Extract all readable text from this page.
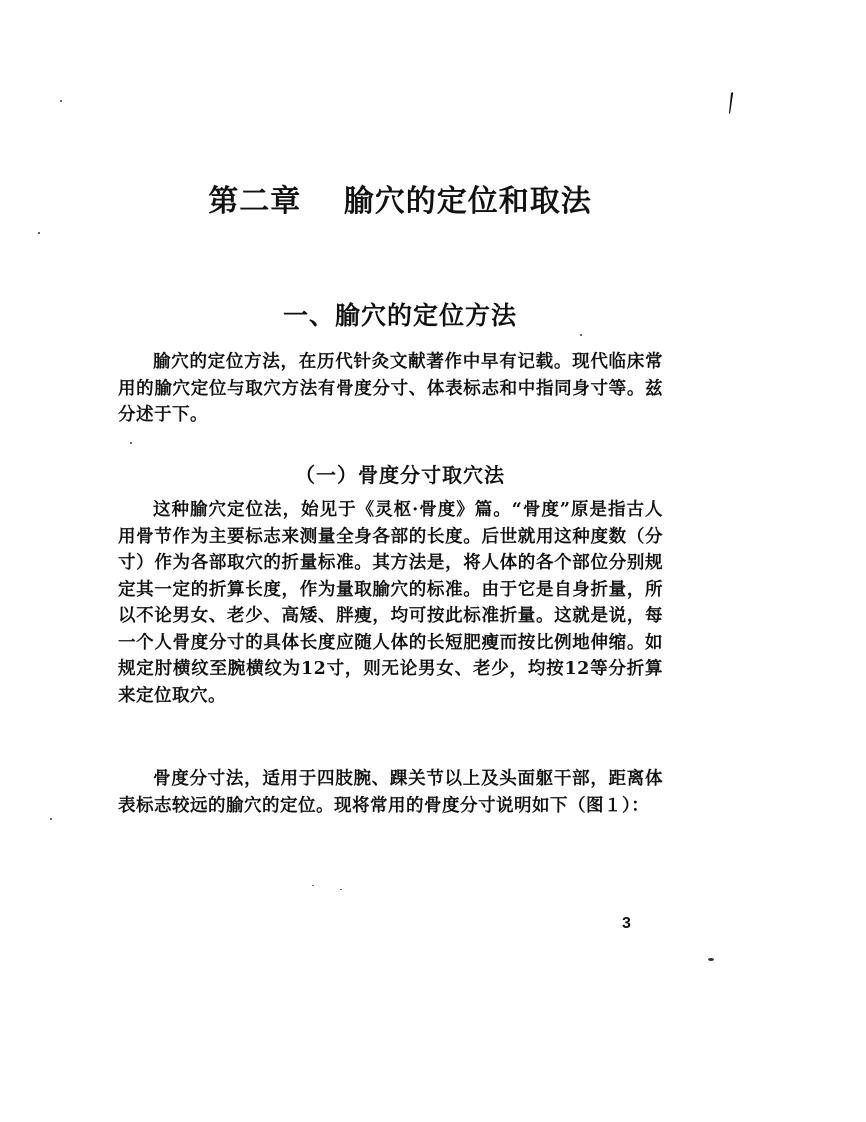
第二章　 腧穴的定位和取法
一、腧穴的定位方法

腧穴的定位方法，在历代针灸文献著作中早有记载。现代临床常用的腧穴定位与取穴方法有骨度分寸、体表标志和中指同身寸等。兹分述于下。

（一）骨度分寸取穴法

这种腧穴定位法，始见于《灵枢·骨度》篇。“骨度”原是指古人用骨节作为主要标志来测量全身各部的长度。后世就用这种度数（分寸）作为各部取穴的折量标准。其方法是，将人体的各个部位分别规定其一定的折算长度，作为量取腧穴的标准。由于它是自身折量，所以不论男女、老少、高矮、胖瘦，均可按此标准折量。这就是说，每一个人骨度分寸的具体长度应随人体的长短肥瘦而按比例地伸缩。如规定肘横纹至腕横纹为12寸，则无论男女、老少，均按12等分折算来定位取穴。

骨度分寸法，适用于四肢腕、踝关节以上及头面躯干部，距离体表标志较远的腧穴的定位。现将常用的骨度分寸说明如下（图１）：

3
